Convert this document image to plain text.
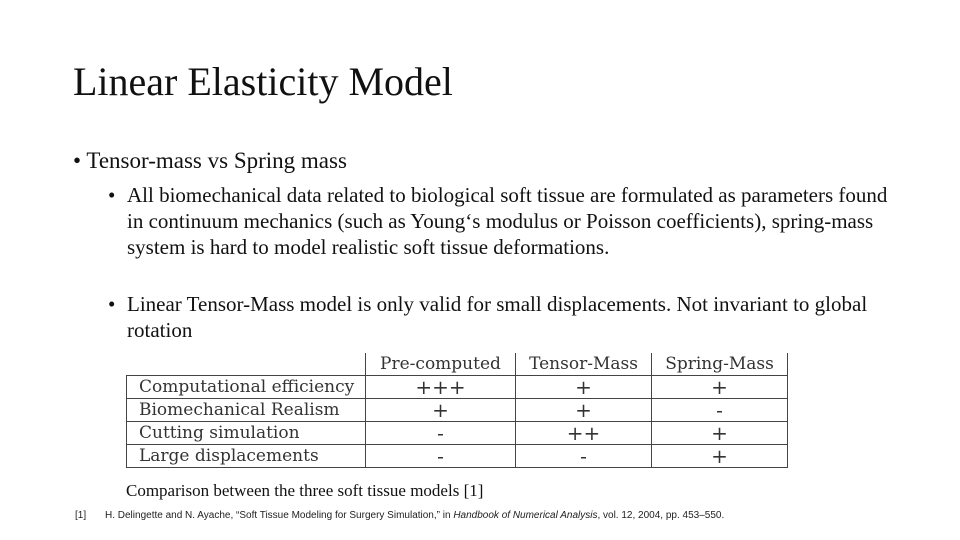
Linear Elasticity Model
• Tensor-mass vs Spring mass
• All biomechanical data related to biological soft tissue are formulated as parameters found in continuum mechanics (such as Young‘s modulus or Poisson coefficients), spring-mass system is hard to model realistic soft tissue deformations.
• Linear Tensor-Mass model is only valid for small displacements. Not invariant to global rotation
	Pre-computed	Tensor-Mass	Spring-Mass
Computational efficiency	+++	+	+
Biomechanical Realism	+	+	-
Cutting simulation	-	++	+
Large displacements	-	-	+
Comparison between the three soft tissue models [1]
[1] H. Delingette and N. Ayache, “Soft Tissue Modeling for Surgery Simulation,” in Handbook of Numerical Analysis, vol. 12, 2004, pp. 453–550.
